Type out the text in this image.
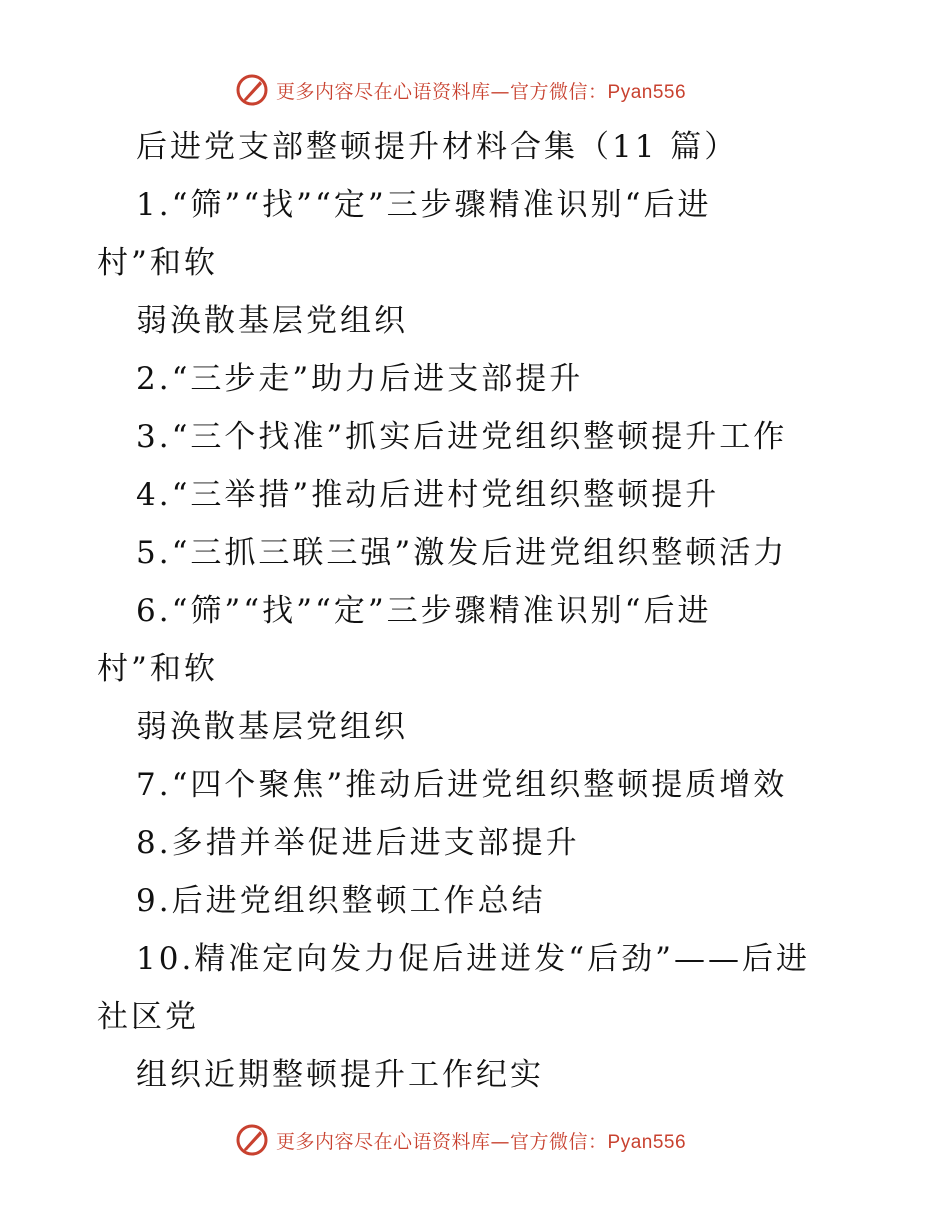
更多内容尽在心语资料库—官方微信：Pyan556
后进党支部整顿提升材料合集（11 篇）
1.“筛”“找”“定”三步骤精准识别“后进
村”和软
弱涣散基层党组织
2.“三步走”助力后进支部提升
3.“三个找准”抓实后进党组织整顿提升工作
4.“三举措”推动后进村党组织整顿提升
5.“三抓三联三强”激发后进党组织整顿活力
6.“筛”“找”“定”三步骤精准识别“后进
村”和软
弱涣散基层党组织
7.“四个聚焦”推动后进党组织整顿提质增效
8.多措并举促进后进支部提升
9.后进党组织整顿工作总结
10.精准定向发力促后进迸发“后劲”——后进
社区党
组织近期整顿提升工作纪实
更多内容尽在心语资料库—官方微信：Pyan556
